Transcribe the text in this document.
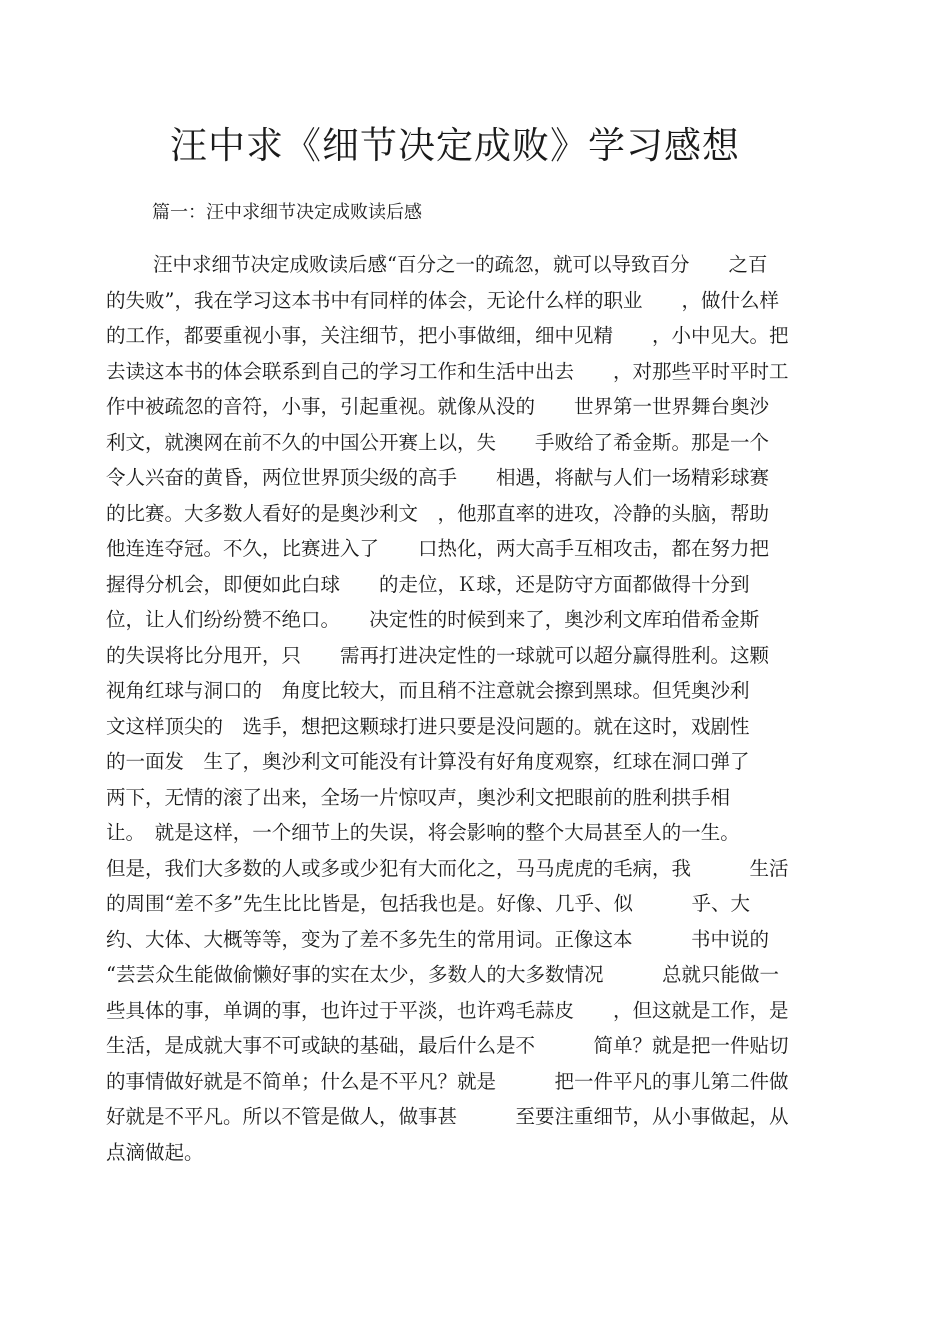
汪中求《细节决定成败》学习感想
篇一：汪中求细节决定成败读后感
汪中求细节决定成败读后感“百分之一的疏忽，就可以导致百分　　之百
的失败”，我在学习这本书中有同样的体会，无论什么样的职业　　，做什么样
的工作，都要重视小事，关注细节，把小事做细，细中见精　　，小中见大。把
去读这本书的体会联系到自己的学习工作和生活中出去　　，对那些平时平时工
作中被疏忽的音符，小事，引起重视。就像从没的　　世界第一世界舞台奥沙
利文，就澳网在前不久的中国公开赛上以，失　　手败给了希金斯。那是一个
令人兴奋的黄昏，两位世界顶尖级的高手　　相遇，将献与人们一场精彩球赛
的比赛。大多数人看好的是奥沙利文　，他那直率的进攻，冷静的头脑，帮助
他连连夺冠。不久，比赛进入了　　口热化，两大高手互相攻击，都在努力把
握得分机会，即便如此白球　　的走位，Ｋ球，还是防守方面都做得十分到
位，让人们纷纷赞不绝口。　　决定性的时候到来了，奥沙利文库珀借希金斯
的失误将比分甩开，只　　需再打进决定性的一球就可以超分赢得胜利。这颗
视角红球与洞口的　角度比较大，而且稍不注意就会擦到黑球。但凭奥沙利
文这样顶尖的　选手，想把这颗球打进只要是没问题的。就在这时，戏剧性
的一面发　生了，奥沙利文可能没有计算没有好角度观察，红球在洞口弹了
两下，无情的滚了出来，全场一片惊叹声，奥沙利文把眼前的胜利拱手相
让。　就是这样，一个细节上的失误，将会影响的整个大局甚至人的一生。
但是，我们大多数的人或多或少犯有大而化之，马马虎虎的毛病，我　　　生活
的周围“差不多”先生比比皆是，包括我也是。好像、几乎、似　　　乎、大
约、大体、大概等等，变为了差不多先生的常用词。正像这本　　　书中说的
“芸芸众生能做偷懒好事的实在太少，多数人的大多数情况　　　总就只能做一
些具体的事，单调的事，也许过于平淡，也许鸡毛蒜皮　　，但这就是工作，是
生活，是成就大事不可或缺的基础，最后什么是不　　　简单？就是把一件贴切
的事情做好就是不简单；什么是不平凡？就是　　　把一件平凡的事儿第二件做
好就是不平凡。所以不管是做人，做事甚　　　至要注重细节，从小事做起，从
点滴做起。
